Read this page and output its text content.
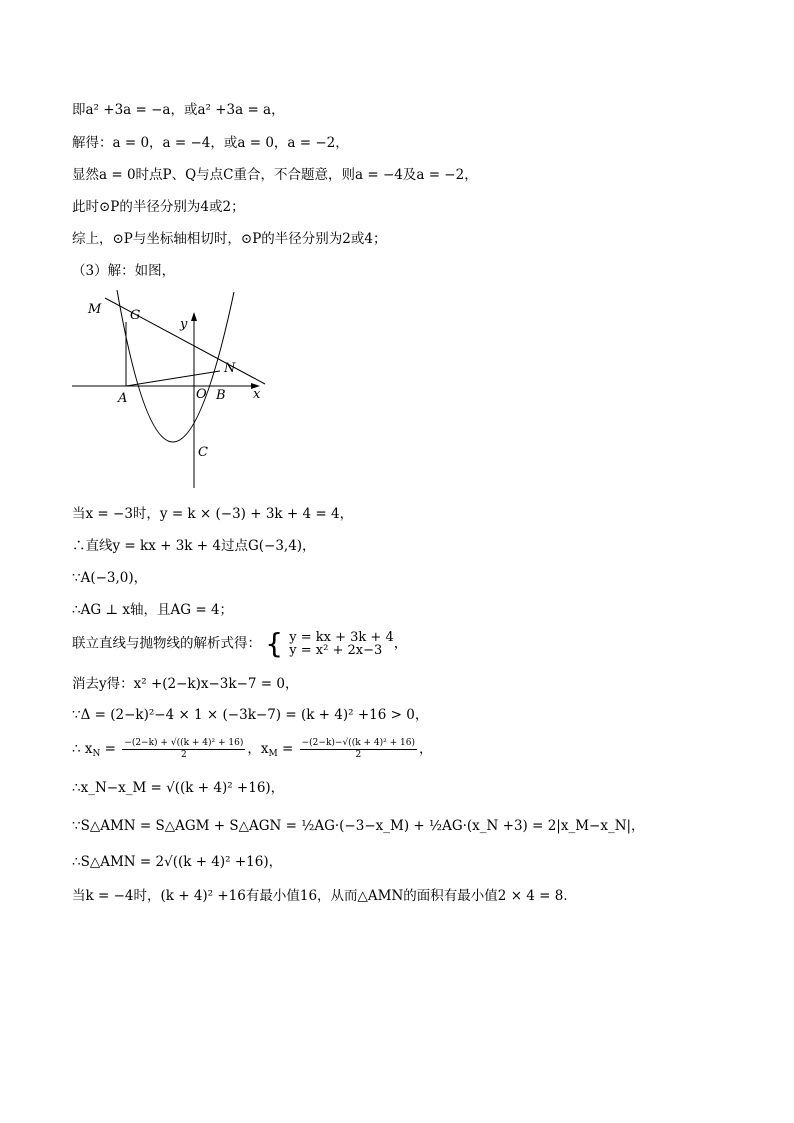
即a² +3a = −a，或a² +3a = a，
解得：a = 0，a = −4，或a = 0，a = −2，
显然a = 0时点P、Q与点C重合，不合题意，则a = −4及a = −2，
此时⊙P的半径分别为4或2；
综上，⊙P与坐标轴相切时，⊙P的半径分别为2或4；
（3）解：如图，
M G
y
N
A	O B x
C
当x = −3时，y = k × (−3) + 3k + 4 = 4，
∴直线y = kx + 3k + 4过点G(−3,4)，
∵A(−3,0)，
∴AG ⊥ x轴，且AG = 4；
联立直线与抛物线的解析式得： { y = kx + 3k + 4
y = x² + 2x−3 ，
消去y得：x² +(2−k)x−3k−7 = 0，
∵Δ = (2−k)²−4 × 1 × (−3k−7) = (k + 4)² +16 > 0，
∴ $x_N = \frac{\text{−(2−k) + √((k + 4)² + 16)}}{2}$ ，$x_M = \frac{\text{−(2−k)−√((k + 4)² + 16)}}{2}$ ，
∴x_N−x_M = √((k + 4)² +16)，
∵S△AMN = S△AGM + S△AGN = ½AG·(−3−x_M) + ½AG·(x_N +3) = 2|x_M−x_N|，
∴S△AMN = 2√((k + 4)² +16)，
当k = −4时，(k + 4)² +16有最小值16，从而△AMN的面积有最小值2 × 4 = 8．
